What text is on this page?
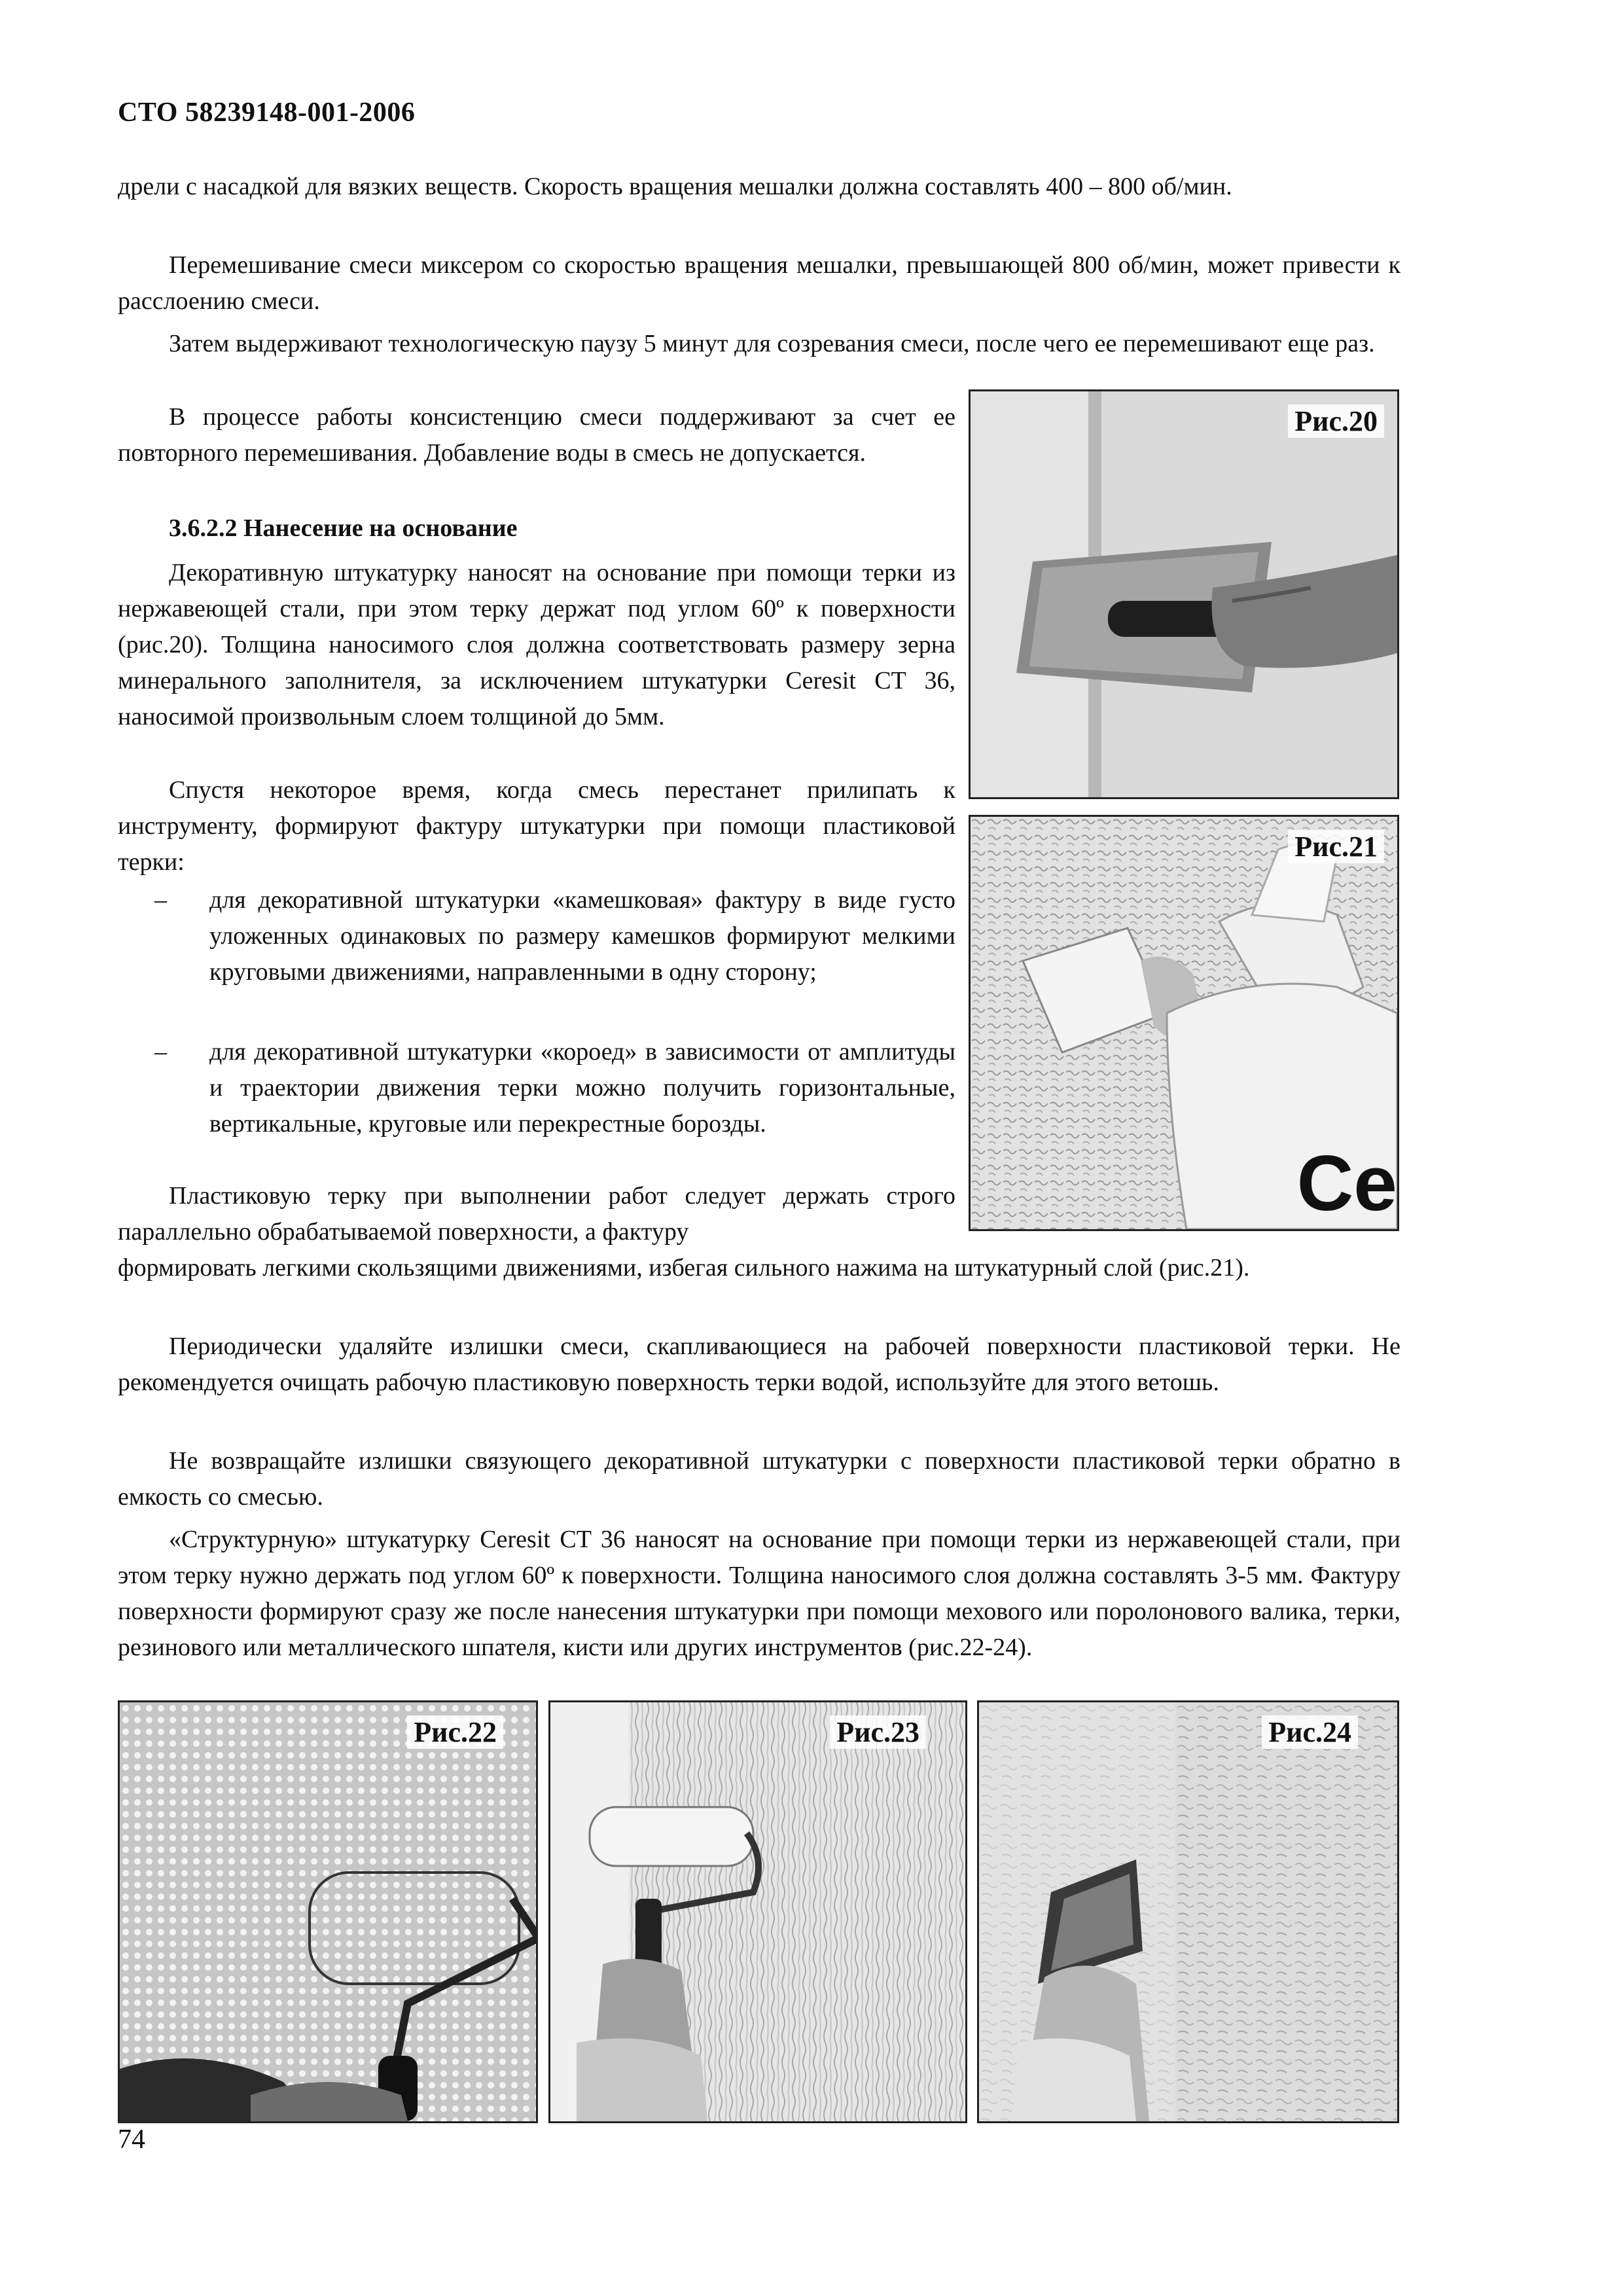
СТО 58239148-001-2006

дрели с насадкой для вязких веществ. Скорость вращения мешалки должна составлять 400 – 800 об/мин.

Перемешивание смеси миксером со скоростью вращения мешалки, превышающей 800 об/мин, может привести к расслоению смеси.

Затем выдерживают технологическую паузу 5 минут для созревания смеси, после чего ее перемешивают еще раз.

В процессе работы консистенцию смеси поддерживают за счет ее повторного перемешивания. Добавление воды в смесь не допускается.

3.6.2.2 Нанесение на основание

Декоративную штукатурку наносят на основание при помощи терки из нержавеющей стали, при этом терку держат под углом 60º к поверхности (рис.20). Толщина наносимого слоя должна соответствовать размеру зерна минерального заполнителя, за исключением штукатурки Ceresit CT 36, наносимой произвольным слоем толщиной до 5мм.

Спустя некоторое время, когда смесь перестанет прилипать к инструменту, формируют фактуру штукатурки при помощи пластиковой терки:

– для декоративной штукатурки «камешковая» фактуру в виде густо уложенных одинаковых по размеру камешков формируют мелкими круговыми движениями, направленными в одну сторону;
– для декоративной штукатурки «короед» в зависимости от амплитуды и траектории движения терки можно получить горизонтальные, вертикальные, круговые или перекрестные борозды.

Пластиковую терку при выполнении работ следует держать строго параллельно обрабатываемой поверхности, а фактуру

формировать легкими скользящими движениями, избегая сильного нажима на штукатурный слой (рис.21).

Периодически удаляйте излишки смеси, скапливающиеся на рабочей поверхности пластиковой терки. Не рекомендуется очищать рабочую пластиковую поверхность терки водой, используйте для этого ветошь.

Не возвращайте излишки связующего декоративной штукатурки с поверхности пластиковой терки обратно в емкость со смесью.

«Структурную» штукатурку Ceresit CT 36 наносят на основание при помощи терки из нержавеющей стали, при этом терку нужно держать под углом 60º к поверхности. Толщина наносимого слоя должна составлять 3-5 мм. Фактуру поверхности формируют сразу же после нанесения штукатурки при помощи мехового или поролонового валика, терки, резинового или металлического шпателя, кисти или других инструментов (рис.22-24).

Рис.20
Рис.21
Ce
Рис.22	Рис.23	Рис.24
74
